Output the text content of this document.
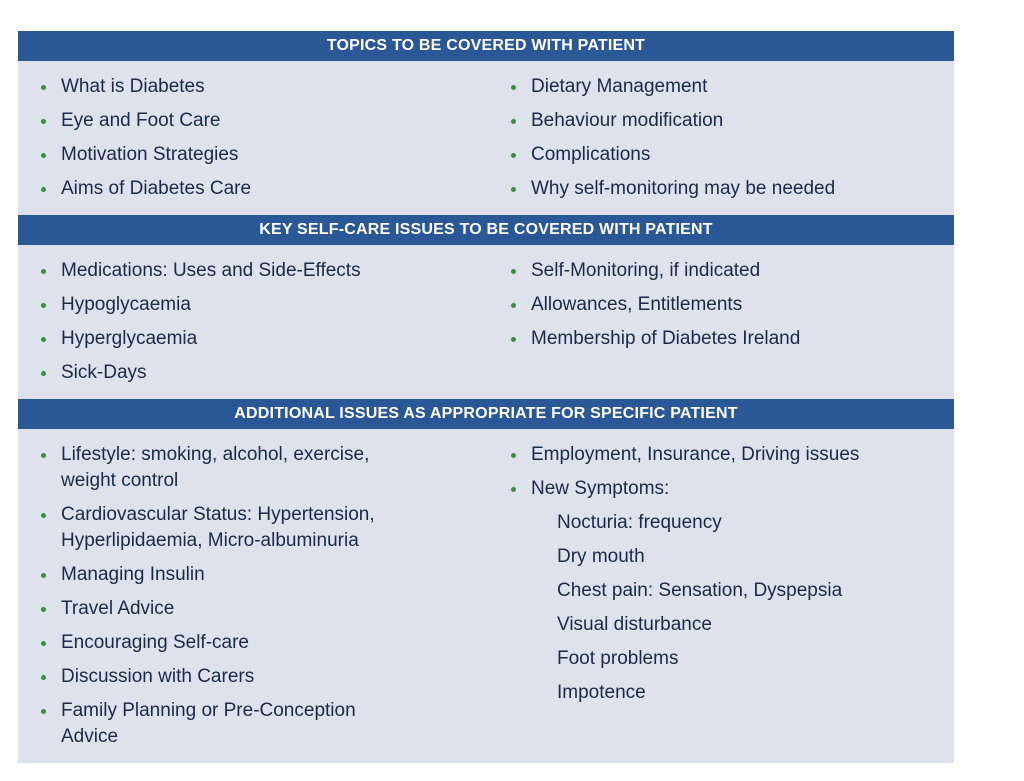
TOPICS TO BE COVERED WITH PATIENT
What is Diabetes
Eye and Foot Care
Motivation Strategies
Aims of Diabetes Care
Dietary Management
Behaviour modification
Complications
Why self-monitoring may be needed
KEY SELF-CARE ISSUES TO BE COVERED WITH PATIENT
Medications: Uses and Side-Effects
Hypoglycaemia
Hyperglycaemia
Sick-Days
Self-Monitoring, if indicated
Allowances, Entitlements
Membership of Diabetes Ireland
ADDITIONAL ISSUES AS APPROPRIATE FOR SPECIFIC PATIENT
Lifestyle: smoking, alcohol, exercise,
weight control
Cardiovascular Status: Hypertension,
Hyperlipidaemia, Micro-albuminuria
Managing Insulin
Travel Advice
Encouraging Self-care
Discussion with Carers
Family Planning or Pre-Conception
Advice
Employment, Insurance, Driving issues
New Symptoms:
Nocturia: frequency
Dry mouth
Chest pain: Sensation, Dyspepsia
Visual disturbance
Foot problems
Impotence
